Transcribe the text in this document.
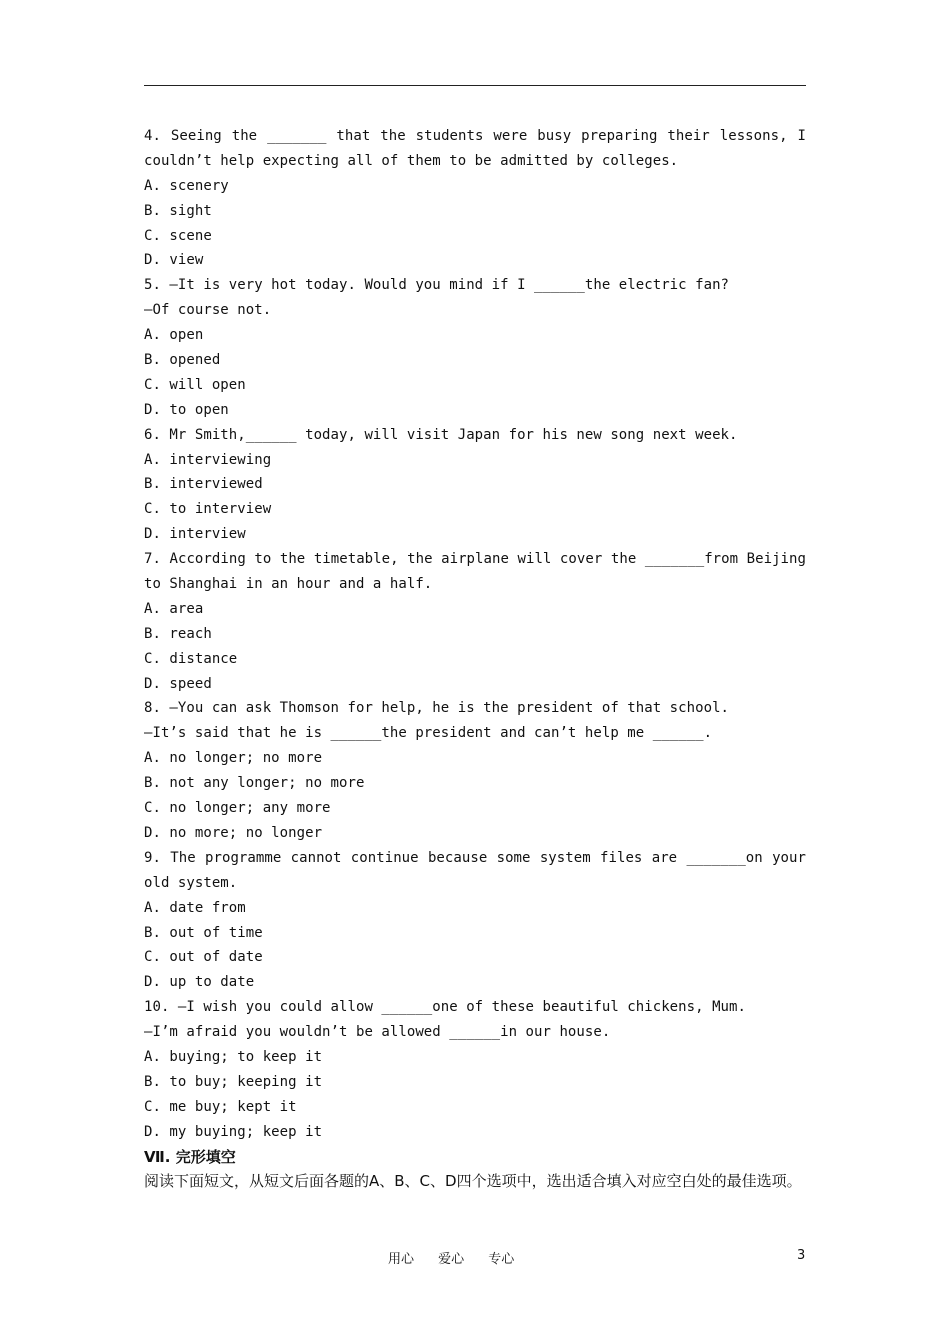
4. Seeing the _______ that the students were busy preparing their lessons, I
couldn’t help expecting all of them to be admitted by colleges.
A. scenery
B. sight
C. scene
D. view
5. —It is very hot today. Would you mind if I ______the electric fan?
—Of course not.
A. open
B. opened
C. will open
D. to open
6. Mr Smith,______ today, will visit Japan for his new song next week.
A. interviewing
B. interviewed
C. to interview
D. interview
7. According to the timetable, the airplane will cover the _______from Beijing
to Shanghai in an hour and a half.
A. area
B. reach
C. distance
D. speed
8. —You can ask Thomson for help, he is the president of that school.
—It’s said that he is ______the president and can’t help me ______.
A. no longer; no more
B. not any longer; no more
C. no longer; any more
D. no more; no longer
9. The programme cannot continue because some system files are _______on your
old system.
A. date from
B. out of time
C. out of date
D. up to date
10. —I wish you could allow ______one of these beautiful chickens, Mum.
—I’m afraid you wouldn’t be allowed ______in our house.
A. buying; to keep it
B. to buy; keeping it
C. me buy; kept it
D. my buying; keep it
Ⅶ. 完形填空
阅读下面短文，从短文后面各题的A、B、C、D四个选项中，选出适合填入对应空白处的最佳选项。
用心 爱心 专心	3
